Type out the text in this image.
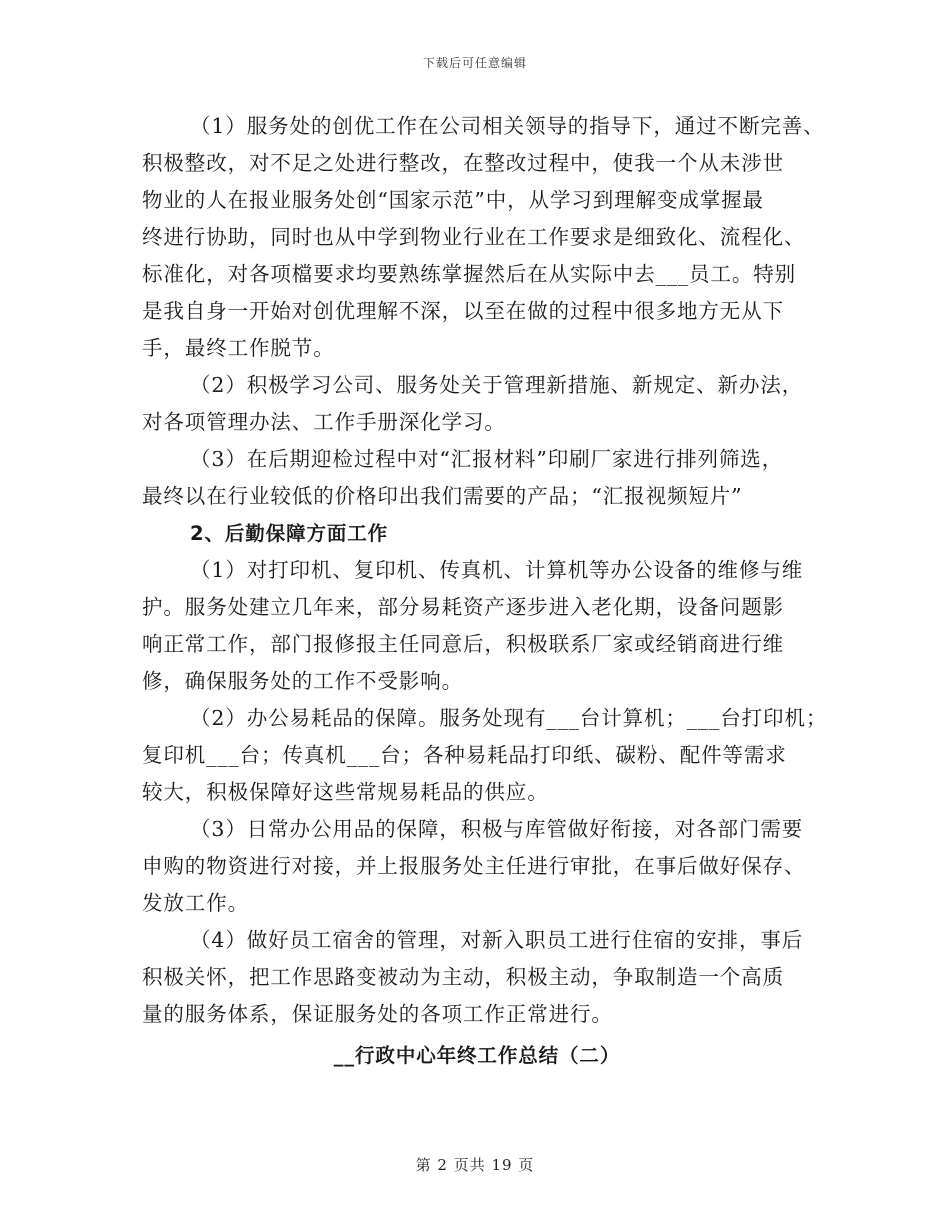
下载后可任意编辑
（1）服务处的创优工作在公司相关领导的指导下，通过不断完善、
积极整改，对不足之处进行整改，在整改过程中，使我一个从未涉世
物业的人在报业服务处创“国家示范”中，从学习到理解变成掌握最
终进行协助，同时也从中学到物业行业在工作要求是细致化、流程化、
标准化，对各项檔要求均要熟练掌握然后在从实际中去___员工。特别
是我自身一开始对创优理解不深，以至在做的过程中很多地方无从下
手，最终工作脱节。
（2）积极学习公司、服务处关于管理新措施、新规定、新办法，
对各项管理办法、工作手册深化学习。
（3）在后期迎检过程中对“汇报材料”印刷厂家进行排列筛选，
最终以在行业较低的价格印出我们需要的产品；“汇报视频短片”
2、后勤保障方面工作
（1）对打印机、复印机、传真机、计算机等办公设备的维修与维
护。服务处建立几年来，部分易耗资产逐步进入老化期，设备问题影
响正常工作，部门报修报主任同意后，积极联系厂家或经销商进行维
修，确保服务处的工作不受影响。
（2）办公易耗品的保障。服务处现有___台计算机；___台打印机；
复印机___台；传真机___台；各种易耗品打印纸、碳粉、配件等需求
较大，积极保障好这些常规易耗品的供应。
（3）日常办公用品的保障，积极与库管做好衔接，对各部门需要
申购的物资进行对接，并上报服务处主任进行审批，在事后做好保存、
发放工作。
（4）做好员工宿舍的管理，对新入职员工进行住宿的安排，事后
积极关怀，把工作思路变被动为主动，积极主动，争取制造一个高质
量的服务体系，保证服务处的各项工作正常进行。
__行政中心年终工作总结（二）
第 2 页共 19 页
